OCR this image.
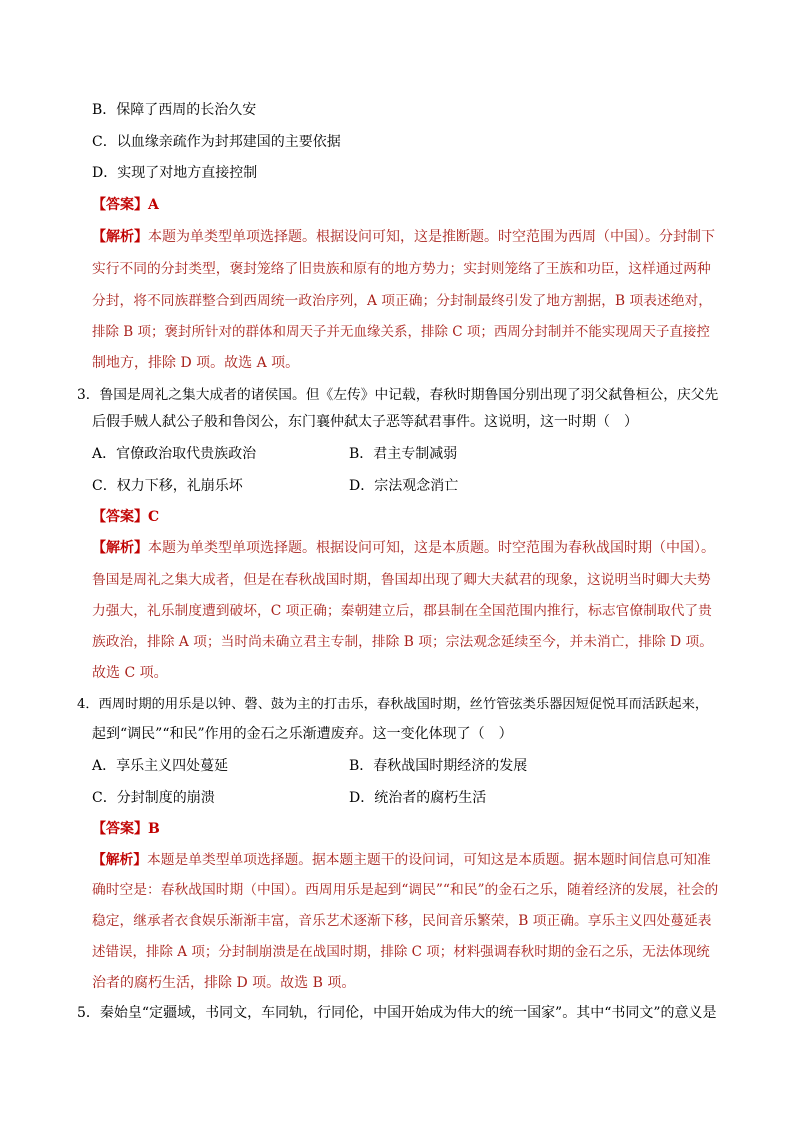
B．保障了西周的长治久安
C．以血缘亲疏作为封邦建国的主要依据
D．实现了对地方直接控制
【答案】A
【解析】本题为单类型单项选择题。根据设问可知，这是推断题。时空范围为西周（中国）。分封制下
实行不同的分封类型，褒封笼络了旧贵族和原有的地方势力；实封则笼络了王族和功臣，这样通过两种
分封，将不同族群整合到西周统一政治序列，A 项正确；分封制最终引发了地方割据，B 项表述绝对，
排除 B 项；褒封所针对的群体和周天子并无血缘关系，排除 C 项；西周分封制并不能实现周天子直接控
制地方，排除 D 项。故选 A 项。
3．鲁国是周礼之集大成者的诸侯国。但《左传》中记载，春秋时期鲁国分别出现了羽父弑鲁桓公，庆父先
后假手贼人弑公子般和鲁闵公，东门襄仲弑太子恶等弑君事件。这说明，这一时期（　）
A．官僚政治取代贵族政治	B．君主专制减弱
C．权力下移，礼崩乐坏	D．宗法观念消亡
【答案】C
【解析】本题为单类型单项选择题。根据设问可知，这是本质题。时空范围为春秋战国时期（中国）。
鲁国是周礼之集大成者，但是在春秋战国时期，鲁国却出现了卿大夫弑君的现象，这说明当时卿大夫势
力强大，礼乐制度遭到破坏，C 项正确；秦朝建立后，郡县制在全国范围内推行，标志官僚制取代了贵
族政治，排除 A 项；当时尚未确立君主专制，排除 B 项；宗法观念延续至今，并未消亡，排除 D 项。
故选 C 项。
4．西周时期的用乐是以钟、磬、鼓为主的打击乐，春秋战国时期，丝竹管弦类乐器因短促悦耳而活跃起来，
起到“调民”“和民”作用的金石之乐渐遭废弃。这一变化体现了（　）
A．享乐主义四处蔓延	B．春秋战国时期经济的发展
C．分封制度的崩溃	D．统治者的腐朽生活
【答案】B
【解析】本题是单类型单项选择题。据本题主题干的设问词，可知这是本质题。据本题时间信息可知准
确时空是：春秋战国时期（中国）。西周用乐是起到“调民”“和民”的金石之乐，随着经济的发展，社会的
稳定，继承者衣食娱乐渐渐丰富，音乐艺术逐渐下移，民间音乐繁荣，B 项正确。享乐主义四处蔓延表
述错误，排除 A 项；分封制崩溃是在战国时期，排除 C 项；材料强调春秋时期的金石之乐，无法体现统
治者的腐朽生活，排除 D 项。故选 B 项。
5．秦始皇“定疆域，书同文，车同轨，行同伦，中国开始成为伟大的统一国家”。其中“书同文”的意义是
